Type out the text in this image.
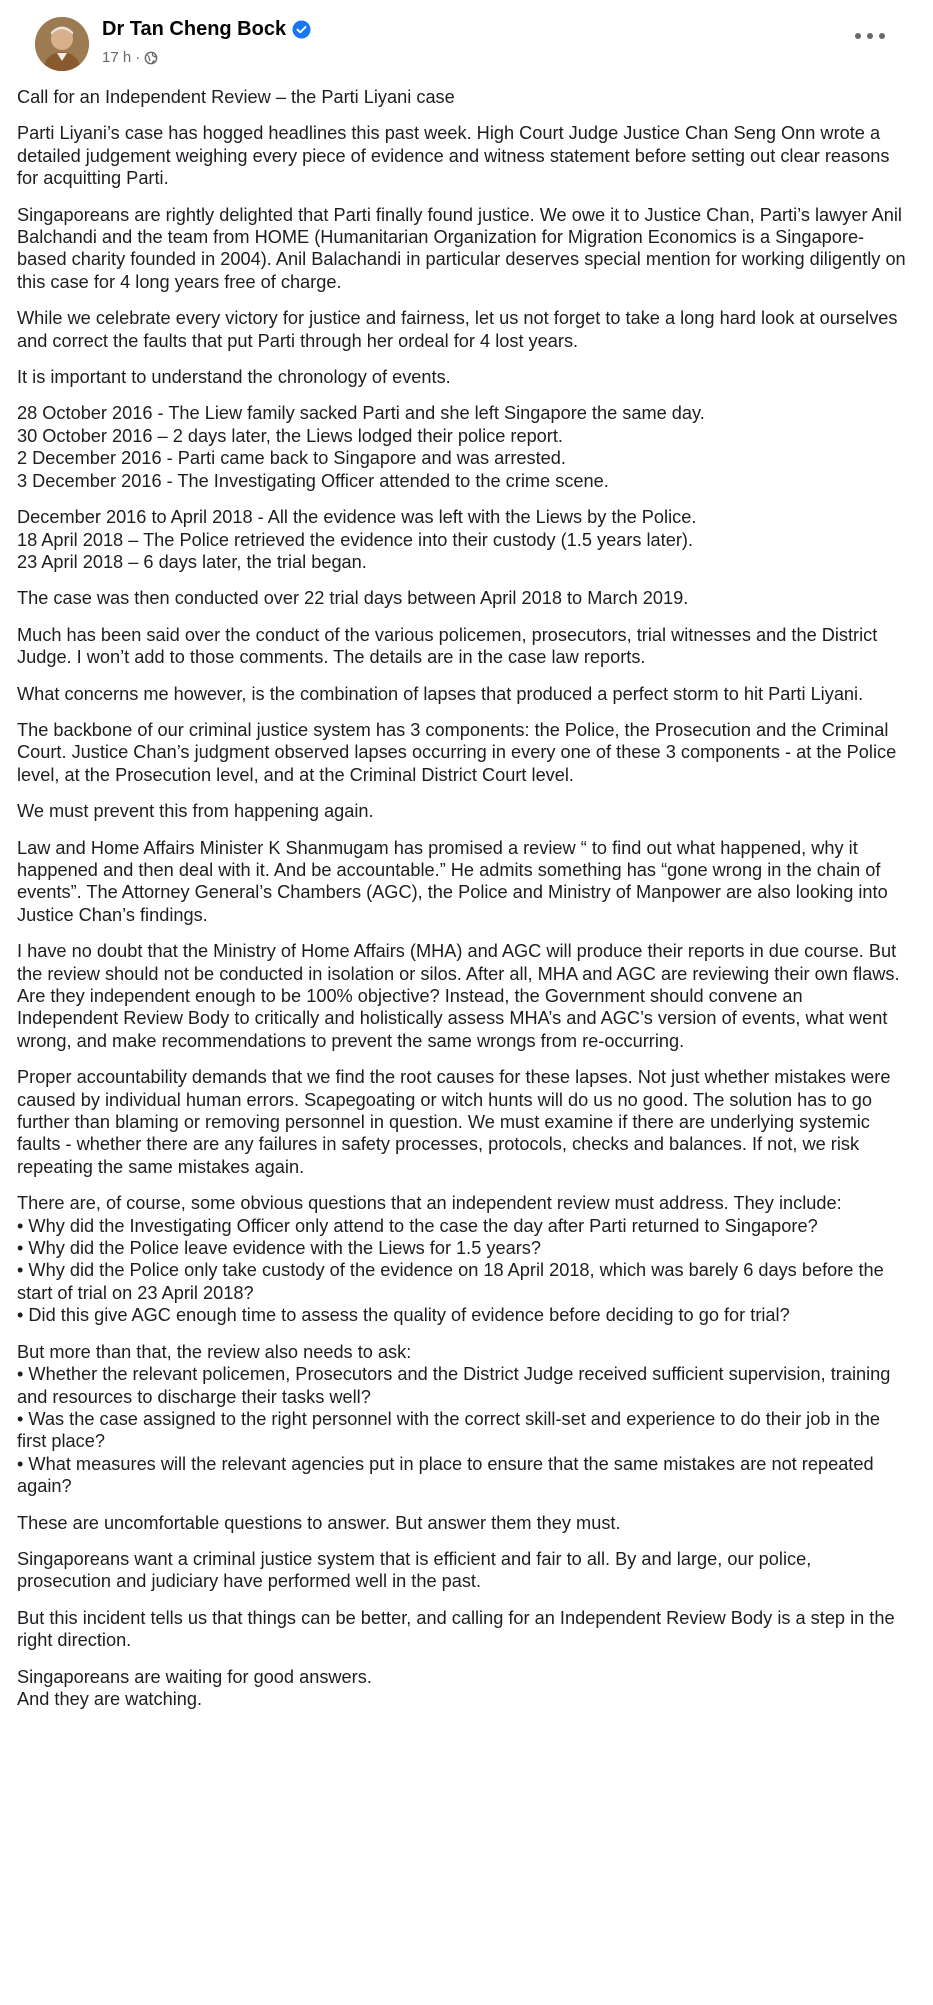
Dr Tan Cheng Bock
17 h ·

Call for an Independent Review – the Parti Liyani case

Parti Liyani’s case has hogged headlines this past week. High Court Judge Justice Chan Seng Onn wrote a detailed judgement weighing every piece of evidence and witness statement before setting out clear reasons for acquitting Parti.

Singaporeans are rightly delighted that Parti finally found justice. We owe it to Justice Chan, Parti’s lawyer Anil Balchandi and the team from HOME (Humanitarian Organization for Migration Economics is a Singapore-based charity founded in 2004). Anil Balachandi in particular deserves special mention for working diligently on this case for 4 long years free of charge.

While we celebrate every victory for justice and fairness, let us not forget to take a long hard look at ourselves and correct the faults that put Parti through her ordeal for 4 lost years.

It is important to understand the chronology of events.

28 October 2016 - The Liew family sacked Parti and she left Singapore the same day.
30 October 2016 – 2 days later, the Liews lodged their police report.
2 December 2016 - Parti came back to Singapore and was arrested.
3 December 2016 - The Investigating Officer attended to the crime scene.

December 2016 to April 2018 - All the evidence was left with the Liews by the Police.
18 April 2018 – The Police retrieved the evidence into their custody (1.5 years later).
23 April 2018 – 6 days later, the trial began.

The case was then conducted over 22 trial days between April 2018 to March 2019.

Much has been said over the conduct of the various policemen, prosecutors, trial witnesses and the District Judge. I won’t add to those comments. The details are in the case law reports.

What concerns me however, is the combination of lapses that produced a perfect storm to hit Parti Liyani.

The backbone of our criminal justice system has 3 components: the Police, the Prosecution and the Criminal Court. Justice Chan’s judgment observed lapses occurring in every one of these 3 components - at the Police level, at the Prosecution level, and at the Criminal District Court level.

We must prevent this from happening again.

Law and Home Affairs Minister K Shanmugam has promised a review “ to find out what happened, why it happened and then deal with it. And be accountable.” He admits something has “gone wrong in the chain of events”. The Attorney General’s Chambers (AGC), the Police and Ministry of Manpower are also looking into Justice Chan’s findings.

I have no doubt that the Ministry of Home Affairs (MHA) and AGC will produce their reports in due course. But the review should not be conducted in isolation or silos. After all, MHA and AGC are reviewing their own flaws. Are they independent enough to be 100% objective? Instead, the Government should convene an Independent Review Body to critically and holistically assess MHA’s and AGC’s version of events, what went wrong, and make recommendations to prevent the same wrongs from re-occurring.

Proper accountability demands that we find the root causes for these lapses. Not just whether mistakes were caused by individual human errors. Scapegoating or witch hunts will do us no good. The solution has to go further than blaming or removing personnel in question. We must examine if there are underlying systemic faults - whether there are any failures in safety processes, protocols, checks and balances. If not, we risk repeating the same mistakes again.

There are, of course, some obvious questions that an independent review must address. They include:
• Why did the Investigating Officer only attend to the case the day after Parti returned to Singapore?
• Why did the Police leave evidence with the Liews for 1.5 years?
• Why did the Police only take custody of the evidence on 18 April 2018, which was barely 6 days before the start of trial on 23 April 2018?
• Did this give AGC enough time to assess the quality of evidence before deciding to go for trial?

But more than that, the review also needs to ask:
• Whether the relevant policemen, Prosecutors and the District Judge received sufficient supervision, training and resources to discharge their tasks well?
• Was the case assigned to the right personnel with the correct skill-set and experience to do their job in the first place?
• What measures will the relevant agencies put in place to ensure that the same mistakes are not repeated again?

These are uncomfortable questions to answer. But answer them they must.

Singaporeans want a criminal justice system that is efficient and fair to all. By and large, our police, prosecution and judiciary have performed well in the past.

But this incident tells us that things can be better, and calling for an Independent Review Body is a step in the right direction.

Singaporeans are waiting for good answers.
And they are watching.
